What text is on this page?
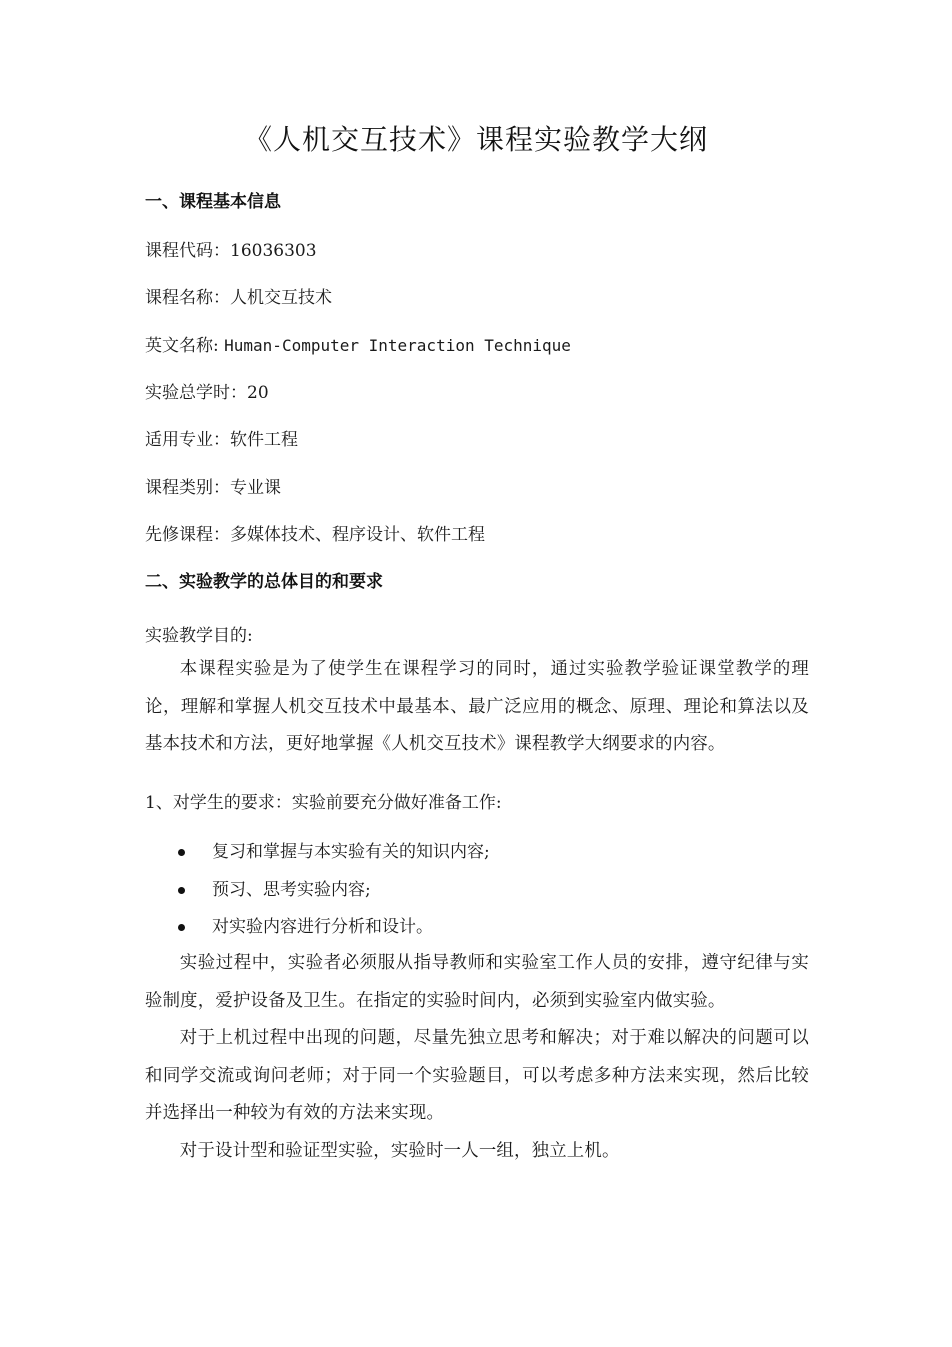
《人机交互技术》课程实验教学大纲
一、课程基本信息
课程代码：16036303
课程名称：人机交互技术
英文名称: Human-Computer Interaction Technique
实验总学时：20
适用专业：软件工程
课程类别：专业课
先修课程：多媒体技术、程序设计、软件工程
二、实验教学的总体目的和要求
实验教学目的:
本课程实验是为了使学生在课程学习的同时，通过实验教学验证课堂教学的理论，理解和掌握人机交互技术中最基本、最广泛应用的概念、原理、理论和算法以及基本技术和方法，更好地掌握《人机交互技术》课程教学大纲要求的内容。
1、对学生的要求：实验前要充分做好准备工作:
复习和掌握与本实验有关的知识内容;
预习、思考实验内容;
对实验内容进行分析和设计。
实验过程中，实验者必须服从指导教师和实验室工作人员的安排，遵守纪律与实验制度，爱护设备及卫生。在指定的实验时间内，必须到实验室内做实验。
对于上机过程中出现的问题，尽量先独立思考和解决；对于难以解决的问题可以和同学交流或询问老师；对于同一个实验题目，可以考虑多种方法来实现，然后比较并选择出一种较为有效的方法来实现。
对于设计型和验证型实验，实验时一人一组，独立上机。
